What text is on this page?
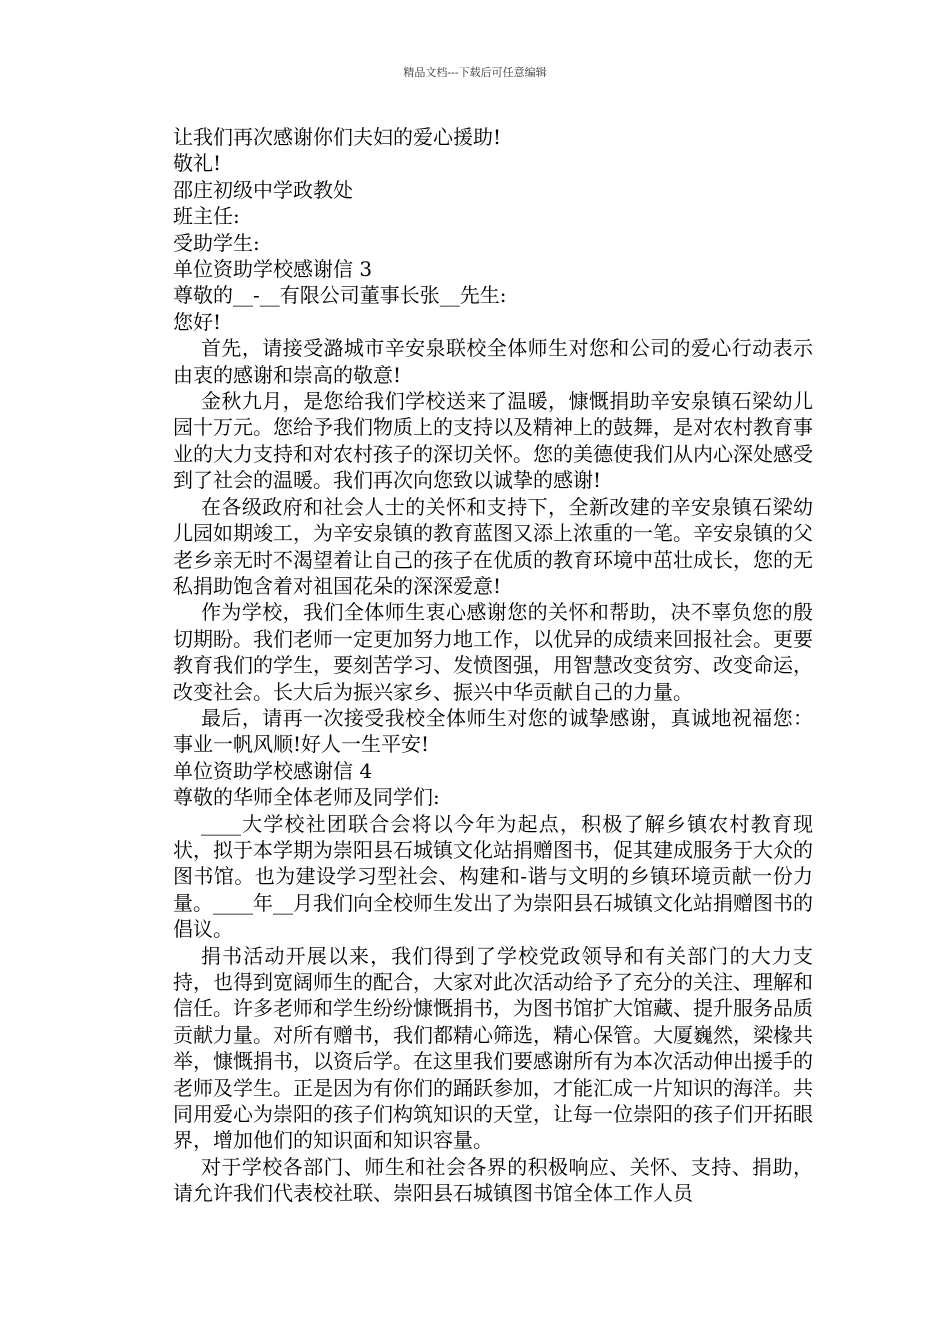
精品文档---下载后可任意编辑

让我们再次感谢你们夫妇的爱心援助!

敬礼!

邵庄初级中学政教处

班主任:

受助学生:

单位资助学校感谢信 3

尊敬的__-__有限公司董事长张__先生:

您好!

首先，请接受潞城市辛安泉联校全体师生对您和公司的爱心行动表示由衷的感谢和崇高的敬意!

金秋九月，是您给我们学校送来了温暖，慷慨捐助辛安泉镇石梁幼儿园十万元。您给予我们物质上的支持以及精神上的鼓舞，是对农村教育事业的大力支持和对农村孩子的深切关怀。您的美德使我们从内心深处感受到了社会的温暖。我们再次向您致以诚挚的感谢!

在各级政府和社会人士的关怀和支持下，全新改建的辛安泉镇石梁幼儿园如期竣工，为辛安泉镇的教育蓝图又添上浓重的一笔。辛安泉镇的父老乡亲无时不渴望着让自己的孩子在优质的教育环境中茁壮成长，您的无私捐助饱含着对祖国花朵的深深爱意!

作为学校，我们全体师生衷心感谢您的关怀和帮助，决不辜负您的殷切期盼。我们老师一定更加努力地工作，以优异的成绩来回报社会。更要教育我们的学生，要刻苦学习、发愤图强，用智慧改变贫穷、改变命运，改变社会。长大后为振兴家乡、振兴中华贡献自己的力量。

最后，请再一次接受我校全体师生对您的诚挚感谢，真诚地祝福您：事业一帆风顺!好人一生平安!

单位资助学校感谢信 4

尊敬的华师全体老师及同学们:

____大学校社团联合会将以今年为起点，积极了解乡镇农村教育现状，拟于本学期为崇阳县石城镇文化站捐赠图书，促其建成服务于大众的图书馆。也为建设学习型社会、构建和-谐与文明的乡镇环境贡献一份力量。____年__月我们向全校师生发出了为崇阳县石城镇文化站捐赠图书的倡议。

捐书活动开展以来，我们得到了学校党政领导和有关部门的大力支持，也得到宽阔师生的配合，大家对此次活动给予了充分的关注、理解和信任。许多老师和学生纷纷慷慨捐书，为图书馆扩大馆藏、提升服务品质贡献力量。对所有赠书，我们都精心筛选，精心保管。大厦巍然，梁椽共举，慷慨捐书，以资后学。在这里我们要感谢所有为本次活动伸出援手的老师及学生。正是因为有你们的踊跃参加，才能汇成一片知识的海洋。共同用爱心为崇阳的孩子们构筑知识的天堂，让每一位崇阳的孩子们开拓眼界，增加他们的知识面和知识容量。

对于学校各部门、师生和社会各界的积极响应、关怀、支持、捐助，请允许我们代表校社联、崇阳县石城镇图书馆全体工作人员
